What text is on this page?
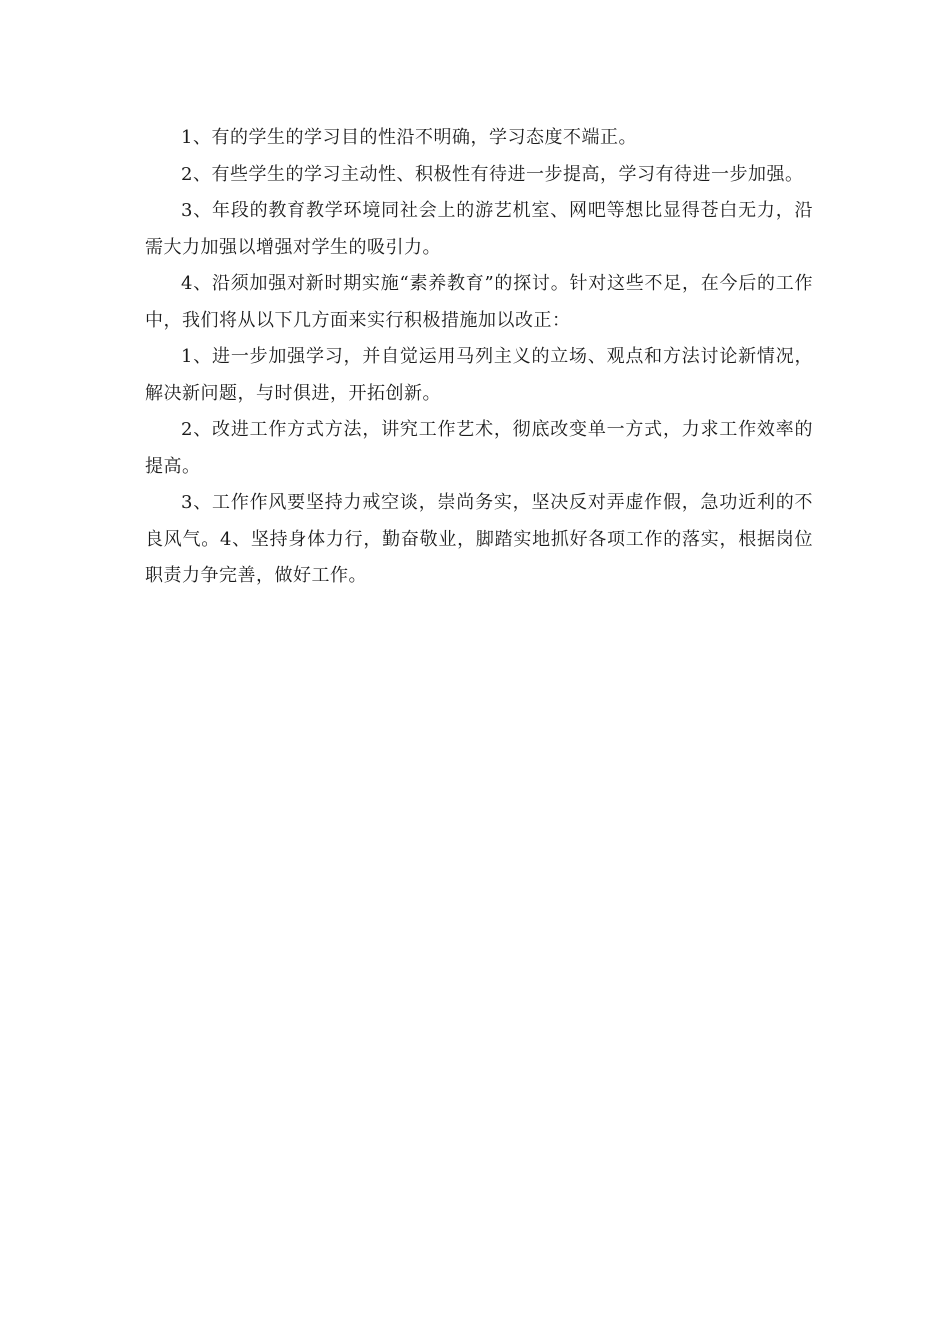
1、有的学生的学习目的性沿不明确，学习态度不端正。

2、有些学生的学习主动性、积极性有待进一步提高，学习有待进一步加强。

3、年段的教育教学环境同社会上的游艺机室、网吧等想比显得苍白无力，沿需大力加强以增强对学生的吸引力。

4、沿须加强对新时期实施“素养教育”的探讨。针对这些不足，在今后的工作中，我们将从以下几方面来实行积极措施加以改正：

1、进一步加强学习，并自觉运用马列主义的立场、观点和方法讨论新情况，解决新问题，与时俱进，开拓创新。

2、改进工作方式方法，讲究工作艺术，彻底改变单一方式，力求工作效率的提高。

3、工作作风要坚持力戒空谈，崇尚务实，坚决反对弄虚作假，急功近利的不良风气。4、坚持身体力行，勤奋敬业，脚踏实地抓好各项工作的落实，根据岗位职责力争完善，做好工作。
